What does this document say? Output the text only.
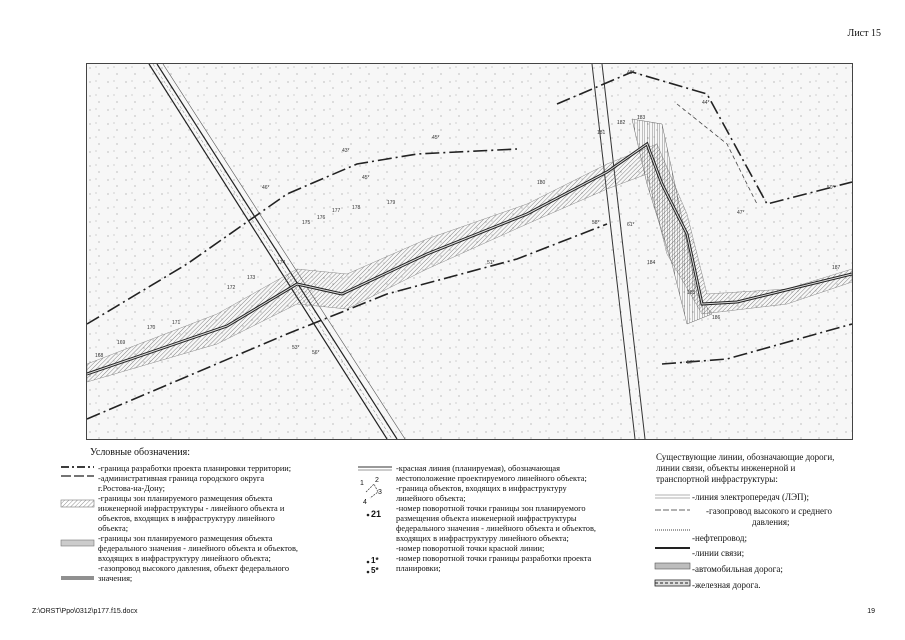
Лист 15
40*
44*
43*
45*
45*
46*
47*
50*
51*
53*
56*
57*
58*	61*
168
169
170
171
172
173
174
175
176
177 178
179
180
181
182
183
184
185
186
187
Условные обозначения:
-граница разработки проекта планировки территории;
-административная граница городского округа
г.Ростова-на-Дону;
-границы зон планируемого размещения объекта
инженерной инфраструктуры - линейного объекта и
объектов, входящих в инфраструктуру линейного
объекта;
-границы зон планируемого размещения объекта
федерального значения - линейного объекта и объектов,
входящих в инфраструктуру линейного объекта;
-газопровод высокого давления, объект федерального
значения;
1 2
3
4
21
1*
5*
-красная линия (планируемая), обозначающая
местоположение проектируемого линейного объекта;
-граница объектов, входящих в инфраструктуру
линейного объекта;
-номер поворотной точки границы зон планируемого
размещения объекта инженерной инфраструктуры
федерального значения - линейного объекта и объектов,
входящих в инфраструктуру линейного объекта;
-номер поворотной точки красной линии;
-номер поворотной точки границы разработки проекта
планировки;
Существующие линии, обозначающие дороги,
линии связи, объекты инженерной и
транспортной инфраструктуры:
-линия электропередач (ЛЭП);
-газопровод высокого и среднего
давления;
-нефтепровод;
-линии связи;
-автомобильная дорога;
-железная дорога.
Z:\ORST\Ppo\0312\p177.f15.docx	19
